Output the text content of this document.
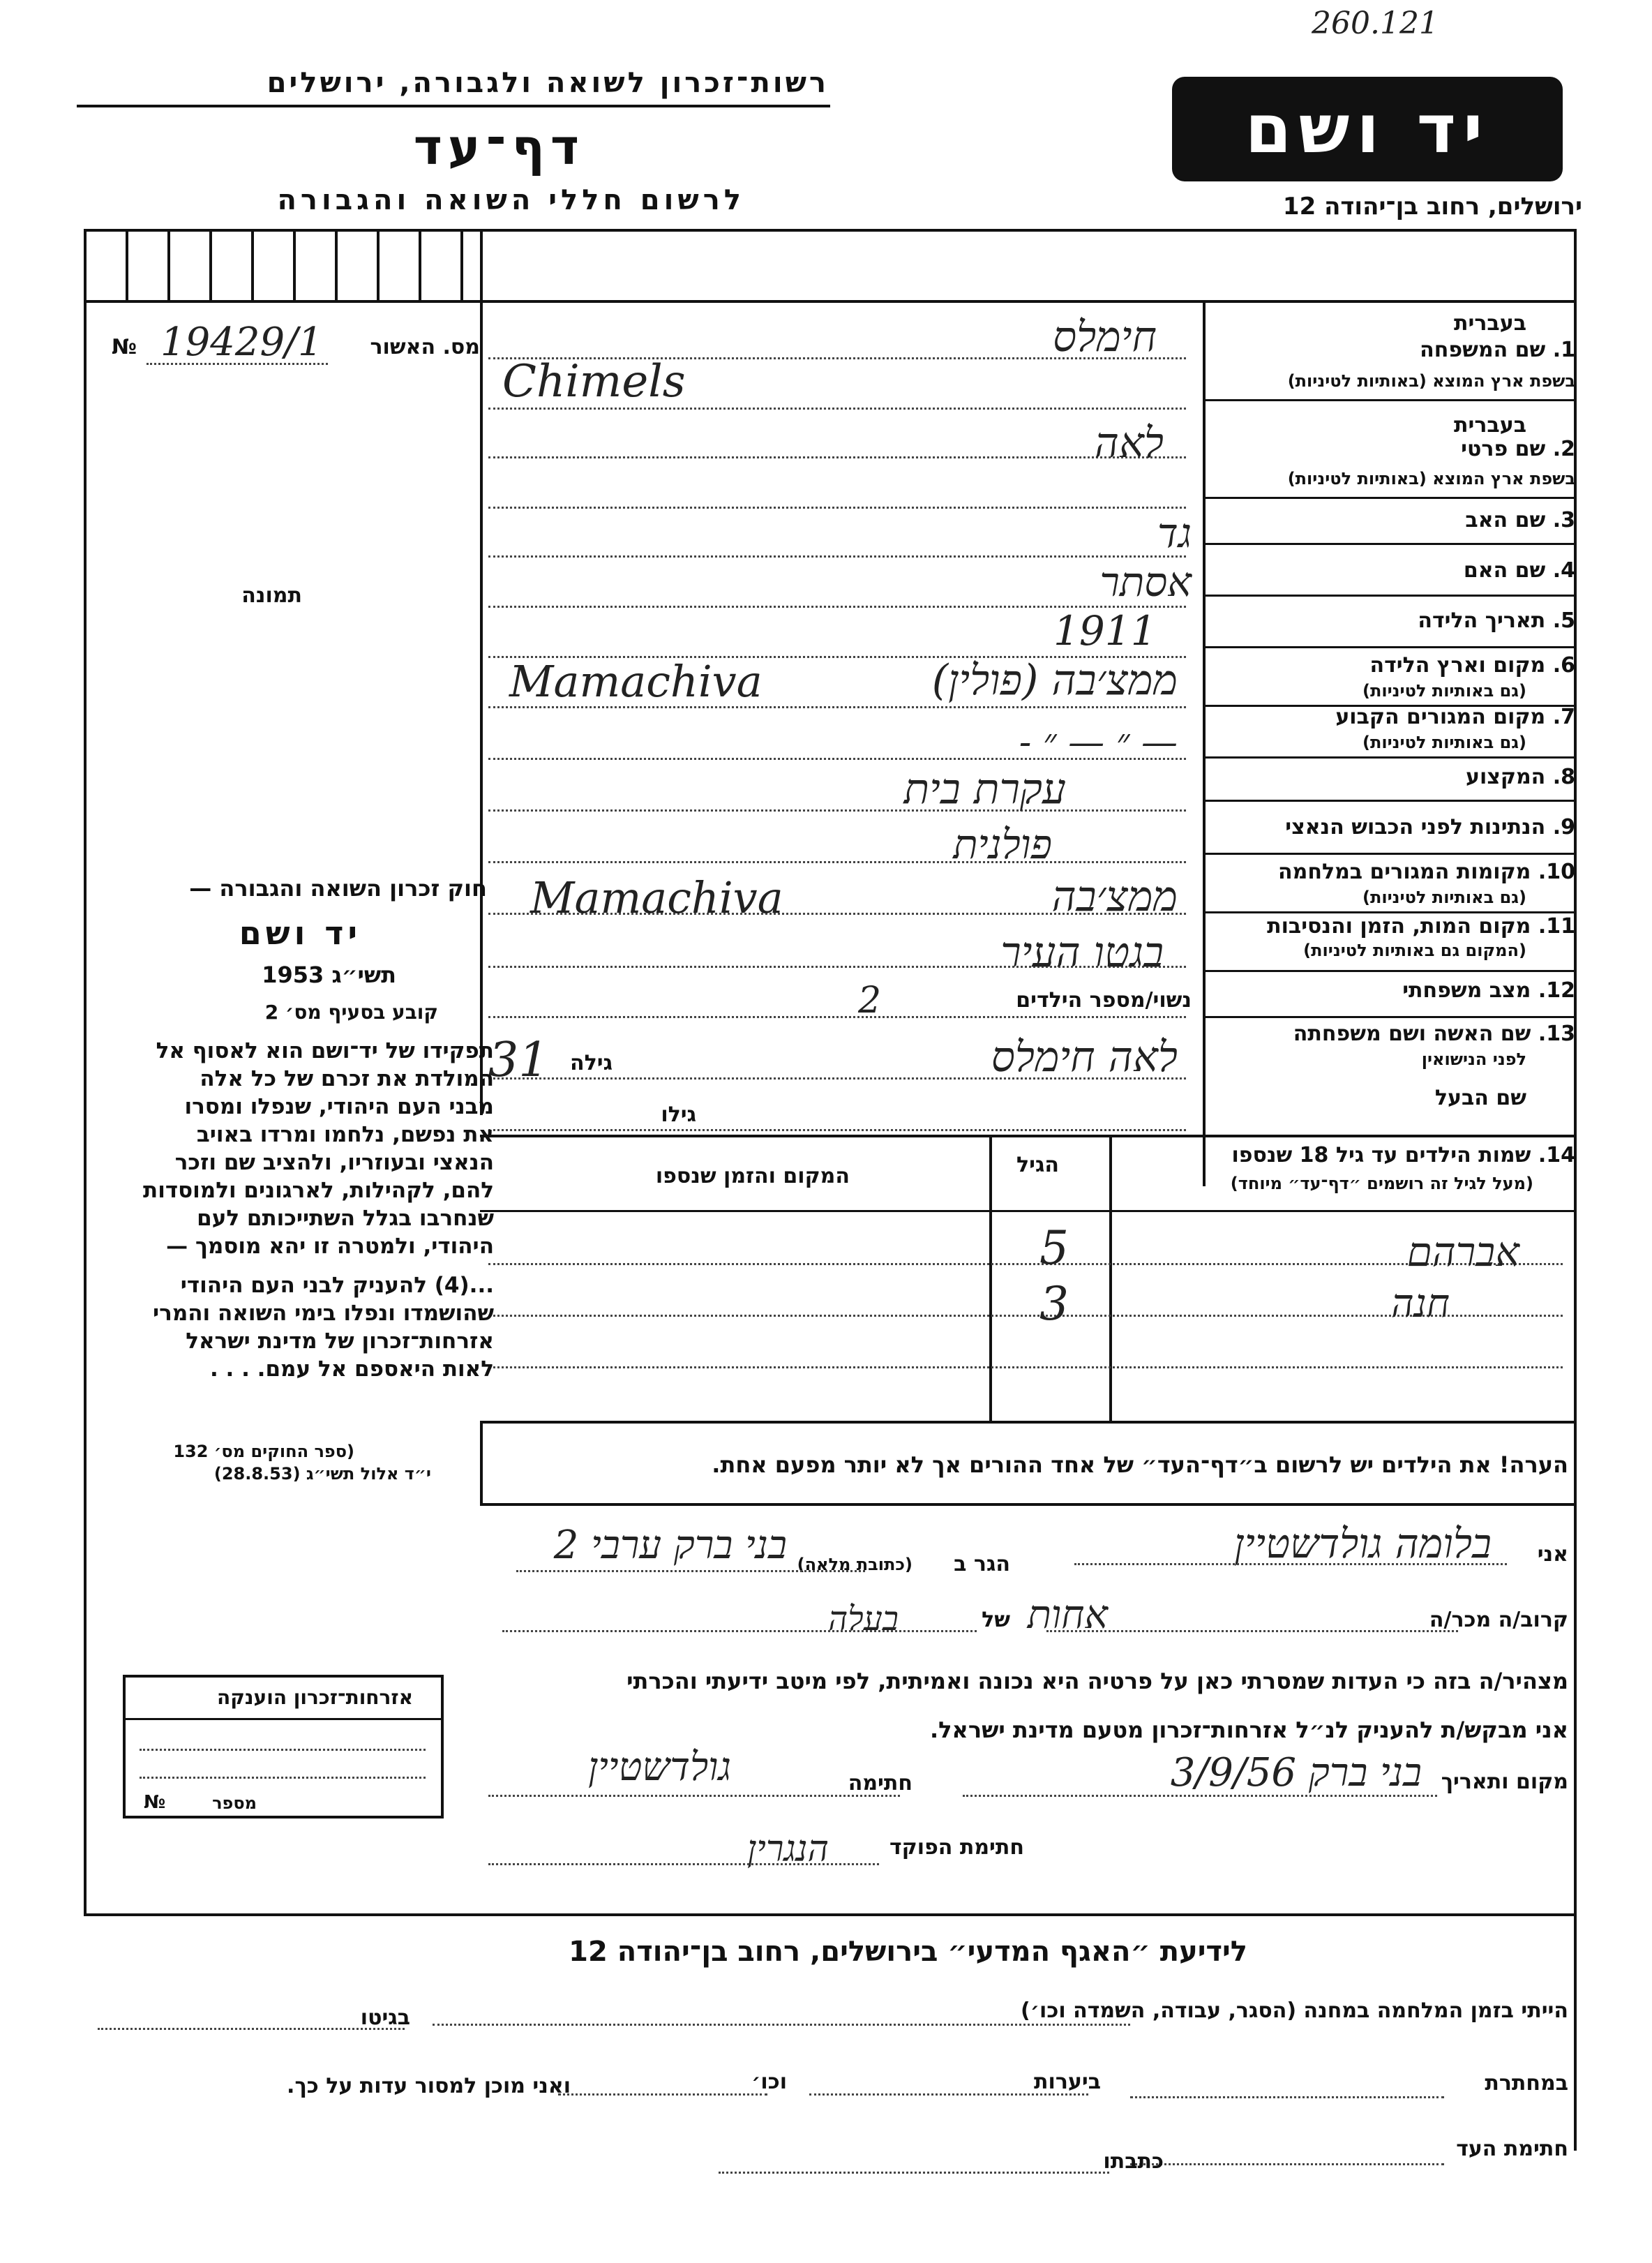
260.121
רשות־זכרון לשואה ולגבורה, ירושלים
דף־עד
לרשום חללי השואה והגבורה
יד ושם
ירושלים, רחוב בן־יהודה 12
מס. האשור
№ 19429/1
תמונה
בעברית
1. שם המשפחה
בשפת ארץ המוצא (באותיות לטיניות)
בעברית
2. שם פרטי
בשפת ארץ המוצא (באותיות לטיניות)
3. שם האב
4. שם האם
5. תאריך הלידה
6. מקום וארץ הלידה
(גם באותיות לטיניות)
7. מקום המגורים הקבוע
(גם באותיות לטיניות)
8. המקצוע
9. הנתינות לפני הכבוש הנאצי
10. מקומות המגורים במלחמה
(גם באותיות לטיניות)
11. מקום המות, הזמן והנסיבות
(המקום גם באותיות לטיניות)
12. מצב משפחתי
13. שם האשה ושם משפחתה
לפני הנישואין
שם הבעל
חימלס
Chimels
לאה
גד
אסתר
1911
ממצ׳בה (פולין)
Mamachiva
— ״ — ״ -
עקרת בית
פולנית
ממצ׳בה
Mamachiva
בגטו העיר
נשוי/מספר הילדים
2
לאה חימלס
גילה
31
גילו
14. שמות הילדים עד גיל 18 שנספו
(מעל לגיל זה רושמים ״דף־עד״ מיוחד)
הגיל
המקום והזמן שנספו
אברהם
5
חנה
3
חוק זכרון השואה והגבורה —
יד ושם
תשי״ג 1953
קובע בסעיף מס׳ 2
תפקידו של יד־ושם הוא לאסוף אל
המולדת את זכרם של כל אלה
מבני העם היהודי, שנפלו ומסרו
את נפשם, נלחמו ומרדו באויב
הנאצי ובעוזריו, ולהציב שם וזכר
להם, לקהילות, לארגונים ולמוסדות
שנחרבו בגלל השתייכותם לעם
היהודי, ולמטרה זו יהא מוסמך —
...(4) להעניק לבני העם היהודי
שהושמדו ונפלו בימי השואה והמרי
אזרחות־זכרון של מדינת ישראל
לאות היאספם אל עמם. . . .
(ספר החוקים מס׳ 132
י״ד אלול תשי״ג (28.8.53)	הערה! את הילדים יש לרשום ב״דף־העד״ של אחד ההורים אך לא יותר מפעם אחת.
אני
בלומה גולדשטיין
הגר ב
(כתובת מלאה)
בני ברק ערבי 2
קרוב/ה מכר/ה
אחות
של
בעלה
מצהיר/ה בזה כי העדות שמסרתי כאן על פרטיה היא נכונה ואמיתית, לפי מיטב ידיעתי והכרתי
אני מבקש/ת להעניק לנ״ל אזרחות־זכרון מטעם מדינת ישראל.
מקום ותאריך
בני ברק 3/9/56
חתימה
גולדשטיין
חתימת הפוקד
הנגרין
אזרחות־זכרון הוענקה
№	מספר
לידיעת ״האגף המדעי״ בירושלים, רחוב בן־יהודה 12
הייתי בזמן המלחמה במחנה (הסגר, עבודה, השמדה וכו׳)
בגיטו
במחתרת
ביערות
וכו׳
ואני מוכן למסור עדות על כך.
חתימת העד
כתבתו
